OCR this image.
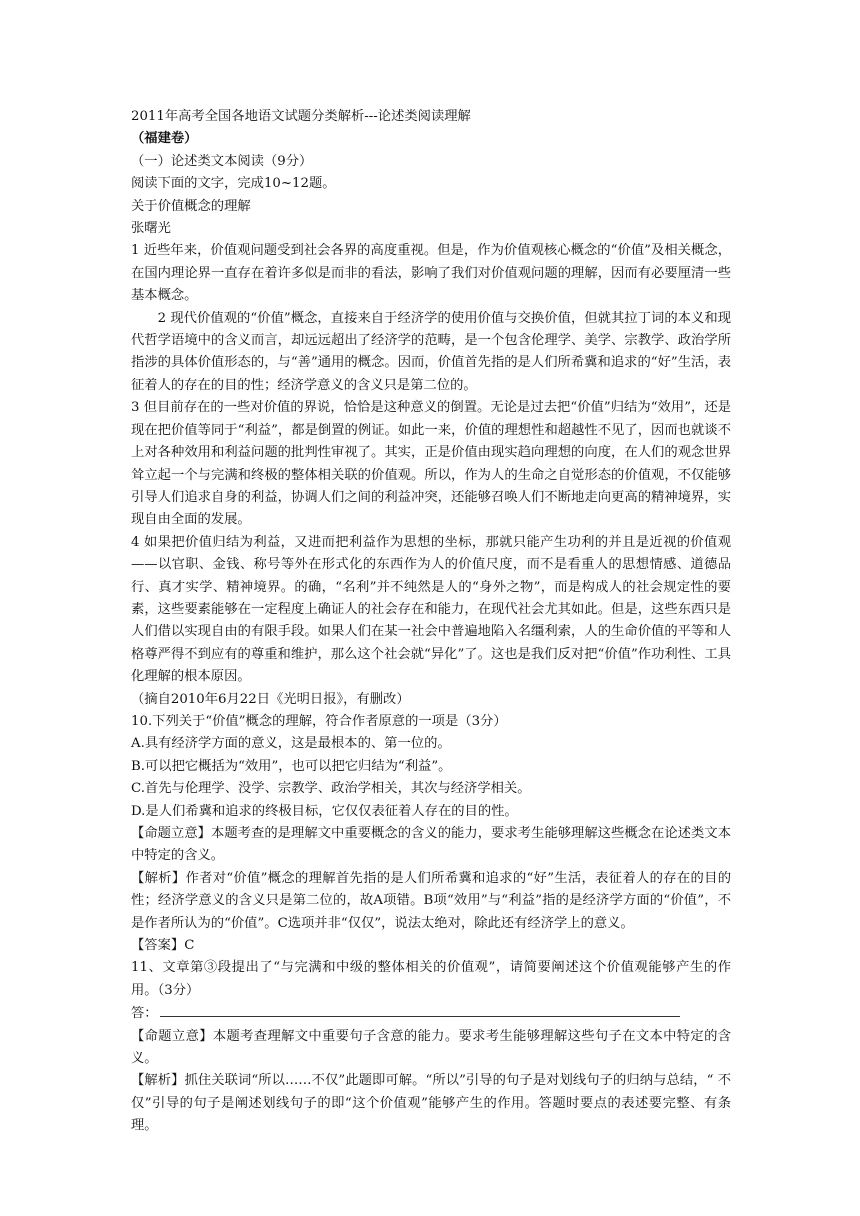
2011年高考全国各地语文试题分类解析---论述类阅读理解
（福建卷）
（一）论述类文本阅读（9分）
阅读下面的文字，完成10~12题。
关于价值概念的理解
张曙光
1 近些年来，价值观问题受到社会各界的高度重视。但是，作为价值观核心概念的“价值”及相关概念，在国内理论界一直存在着许多似是而非的看法，影响了我们对价值观问题的理解，因而有必要厘清一些基本概念。
2 现代价值观的“价值”概念，直接来自于经济学的使用价值与交换价值，但就其拉丁词的本义和现代哲学语境中的含义而言，却远远超出了经济学的范畴，是一个包含伦理学、美学、宗教学、政治学所指涉的具体价值形态的，与“善”通用的概念。因而，价值首先指的是人们所希冀和追求的“好”生活，表征着人的存在的目的性；经济学意义的含义只是第二位的。
3 但目前存在的一些对价值的界说，恰恰是这种意义的倒置。无论是过去把“价值”归结为“效用”，还是现在把价值等同于“利益”，都是倒置的例证。如此一来，价值的理想性和超越性不见了，因而也就谈不上对各种效用和利益问题的批判性审视了。其实，正是价值由现实趋向理想的向度，在人们的观念世界耸立起一个与完满和终极的整体相关联的价值观。所以，作为人的生命之自觉形态的价值观，不仅能够引导人们追求自身的利益，协调人们之间的利益冲突，还能够召唤人们不断地走向更高的精神境界，实现自由全面的发展。
4 如果把价值归结为利益，又进而把利益作为思想的坐标，那就只能产生功利的并且是近视的价值观——以官职、金钱、称号等外在形式化的东西作为人的价值尺度，而不是看重人的思想情感、道德品行、真才实学、精神境界。的确，“名利”并不纯然是人的“身外之物”，而是构成人的社会规定性的要素，这些要素能够在一定程度上确证人的社会存在和能力，在现代社会尤其如此。但是，这些东西只是人们借以实现自由的有限手段。如果人们在某一社会中普遍地陷入名缰利索，人的生命价值的平等和人格尊严得不到应有的尊重和维护，那么这个社会就“异化”了。这也是我们反对把“价值”作功利性、工具化理解的根本原因。
（摘自2010年6月22日《光明日报》，有删改）
10.下列关于“价值”概念的理解，符合作者原意的一项是（3分）
A.具有经济学方面的意义，这是最根本的、第一位的。
B.可以把它概括为“效用”，也可以把它归结为“利益”。
C.首先与伦理学、没学、宗教学、政治学相关，其次与经济学相关。
D.是人们希冀和追求的终极目标，它仅仅表征着人存在的目的性。
【命题立意】本题考查的是理解文中重要概念的含义的能力，要求考生能够理解这些概念在论述类文本中特定的含义。
【解析】作者对“价值”概念的理解首先指的是人们所希冀和追求的“好”生活，表征着人的存在的目的性；经济学意义的含义只是第二位的，故A项错。B项“效用”与“利益”指的是经济学方面的“价值”，不是作者所认为的“价值”。C选项并非“仅仅”，说法太绝对，除此还有经济学上的意义。
【答案】C
11、文章第③段提出了“与完满和中级的整体相关的价值观”，请简要阐述这个价值观能够产生的作用。（3分）
答：
【命题立意】本题考查理解文中重要句子含意的能力。要求考生能够理解这些句子在文本中特定的含义。
【解析】抓住关联词“所以……不仅”此题即可解。“所以”引导的句子是对划线句子的归纳与总结，“ 不仅”引导的句子是阐述划线句子的即“这个价值观”能够产生的作用。答题时要点的表述要完整、有条理。
